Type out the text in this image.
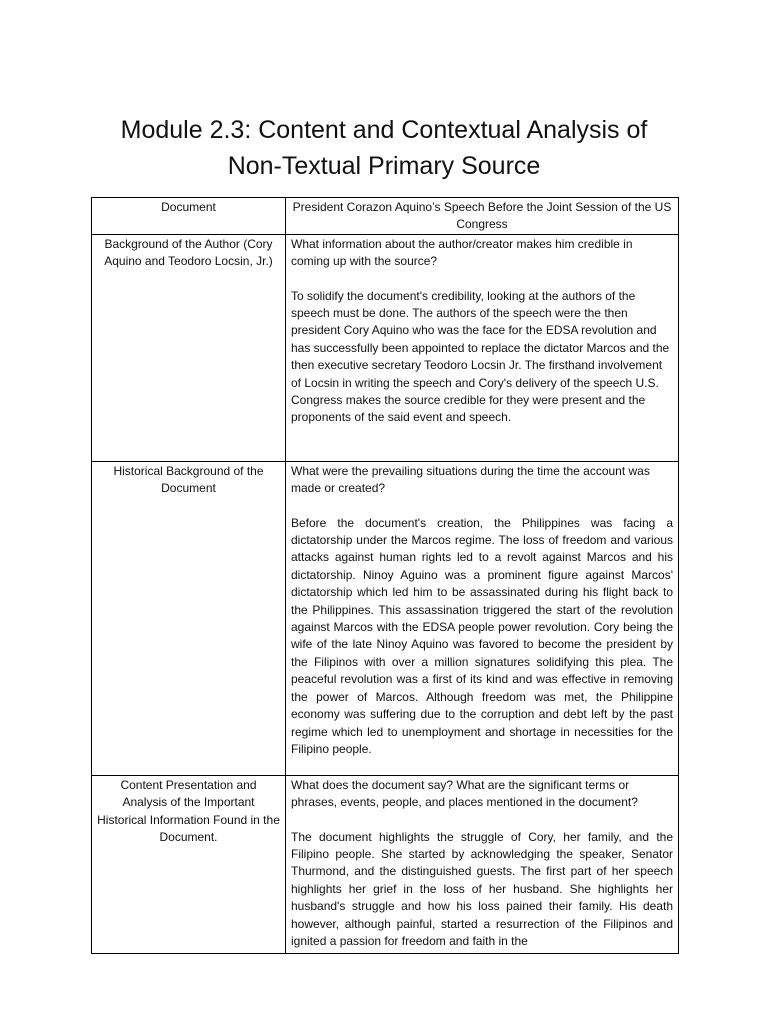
Module 2.3: Content and Contextual Analysis of
Non-Textual Primary Source
Document	President Corazon Aquino’s Speech Before the Joint Session of the US Congress
Background of the Author (Cory Aquino and Teodoro Locsin, Jr.)	What information about the author/creator makes him credible in coming up with the source?

To solidify the document's credibility, looking at the authors of the speech must be done. The authors of the speech were the then president Cory Aquino who was the face for the EDSA revolution and has successfully been appointed to replace the dictator Marcos and the then executive secretary Teodoro Locsin Jr. The firsthand involvement of Locsin in writing the speech and Cory's delivery of the speech U.S. Congress makes the source credible for they were present and the proponents of the said event and speech.

Historical Background of the Document	What were the prevailing situations during the time the account was made or created?

Before the document's creation, the Philippines was facing a dictatorship under the Marcos regime. The loss of freedom and various attacks against human rights led to a revolt against Marcos and his dictatorship. Ninoy Aguino was a prominent figure against Marcos' dictatorship which led him to be assassinated during his flight back to the Philippines. This assassination triggered the start of the revolution against Marcos with the EDSA people power revolution. Cory being the wife of the late Ninoy Aquino was favored to become the president by the Filipinos with over a million signatures solidifying this plea. The peaceful revolution was a first of its kind and was effective in removing the power of Marcos. Although freedom was met, the Philippine economy was suffering due to the corruption and debt left by the past regime which led to unemployment and shortage in necessities for the Filipino people.

Content Presentation and Analysis of the Important Historical Information Found in the Document.	What does the document say? What are the significant terms or phrases, events, people, and places mentioned in the document?

The document highlights the struggle of Cory, her family, and the Filipino people. She started by acknowledging the speaker, Senator Thurmond, and the distinguished guests. The first part of her speech highlights her grief in the loss of her husband. She highlights her husband's struggle and how his loss pained their family. His death however, although painful, started a resurrection of the Filipinos and ignited a passion for freedom and faith in the
